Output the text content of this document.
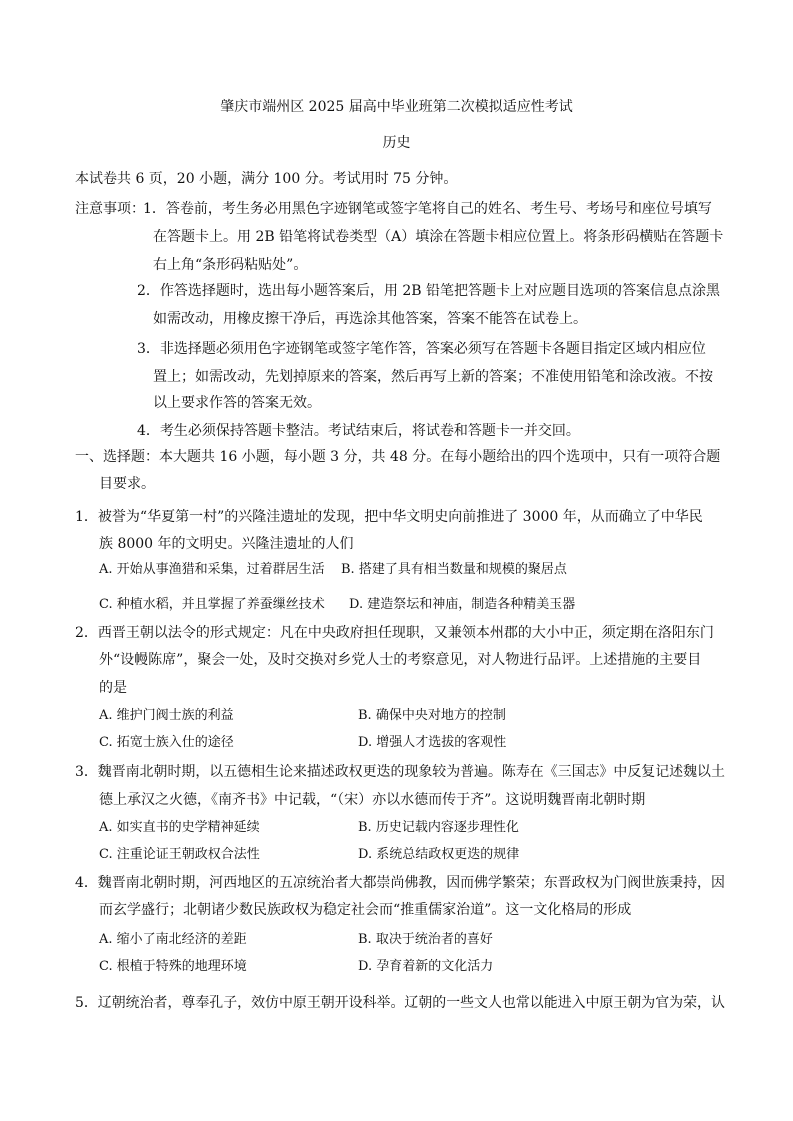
肇庆市端州区 2025 届高中毕业班第二次模拟适应性考试
历史
本试卷共 6 页，20 小题，满分 100 分。考试用时 75 分钟。
注意事项：
1．答卷前，考生务必用黑色字迹钢笔或签字笔将自己的姓名、考生号、考场号和座位号填写
在答题卡上。用 2B 铅笔将试卷类型（A）填涂在答题卡相应位置上。将条形码横贴在答题卡
右上角“条形码粘贴处”。
2．作答选择题时，选出每小题答案后，用 2B 铅笔把答题卡上对应题目选项的答案信息点涂黑
如需改动，用橡皮擦干净后，再选涂其他答案，答案不能答在试卷上。
3．非选择题必须用色字迹钢笔或签字笔作答，答案必须写在答题卡各题目指定区域内相应位
置上；如需改动，先划掉原来的答案，然后再写上新的答案；不准使用铅笔和涂改液。不按
以上要求作答的答案无效。
4．考生必须保持答题卡整洁。考试结束后，将试卷和答题卡一并交回。
一、选择题：本大题共 16 小题，每小题 3 分，共 48 分。在每小题给出的四个选项中，只有一项符合题
目要求。
1．被誉为“华夏第一村”的兴隆洼遗址的发现，把中华文明史向前推进了 3000 年，从而确立了中华民
族 8000 年的文明史。兴隆洼遗址的人们
A. 开始从事渔猎和采集，过着群居生活 B. 搭建了具有相当数量和规模的聚居点
C. 种植水稻，并且掌握了养蚕缫丝技术 D. 建造祭坛和神庙，制造各种精美玉器
2．西晋王朝以法令的形式规定：凡在中央政府担任现职，又兼领本州郡的大小中正，须定期在洛阳东门
外“设幔陈席”，聚会一处，及时交换对乡党人士的考察意见，对人物进行品评。上述措施的主要目
的是
A. 维护门阀士族的利益	B. 确保中央对地方的控制
C. 拓宽士族入仕的途径	D. 增强人才选拔的客观性
3．魏晋南北朝时期，以五德相生论来描述政权更迭的现象较为普遍。陈寿在《三国志》中反复记述魏以土
德上承汉之火德，《南齐书》中记载，“（宋）亦以水德而传于齐”。这说明魏晋南北朝时期
A. 如实直书的史学精神延续	B. 历史记载内容逐步理性化
C. 注重论证王朝政权合法性	D. 系统总结政权更迭的规律
4．魏晋南北朝时期，河西地区的五凉统治者大都崇尚佛教，因而佛学繁荣；东晋政权为门阀世族秉持，因
而玄学盛行；北朝诸少数民族政权为稳定社会而“推重儒家治道”。这一文化格局的形成
A. 缩小了南北经济的差距	B. 取决于统治者的喜好
C. 根植于特殊的地理环境	D. 孕育着新的文化活力
5．辽朝统治者，尊奉孔子，效仿中原王朝开设科举。辽朝的一些文人也常以能进入中原王朝为官为荣，认
